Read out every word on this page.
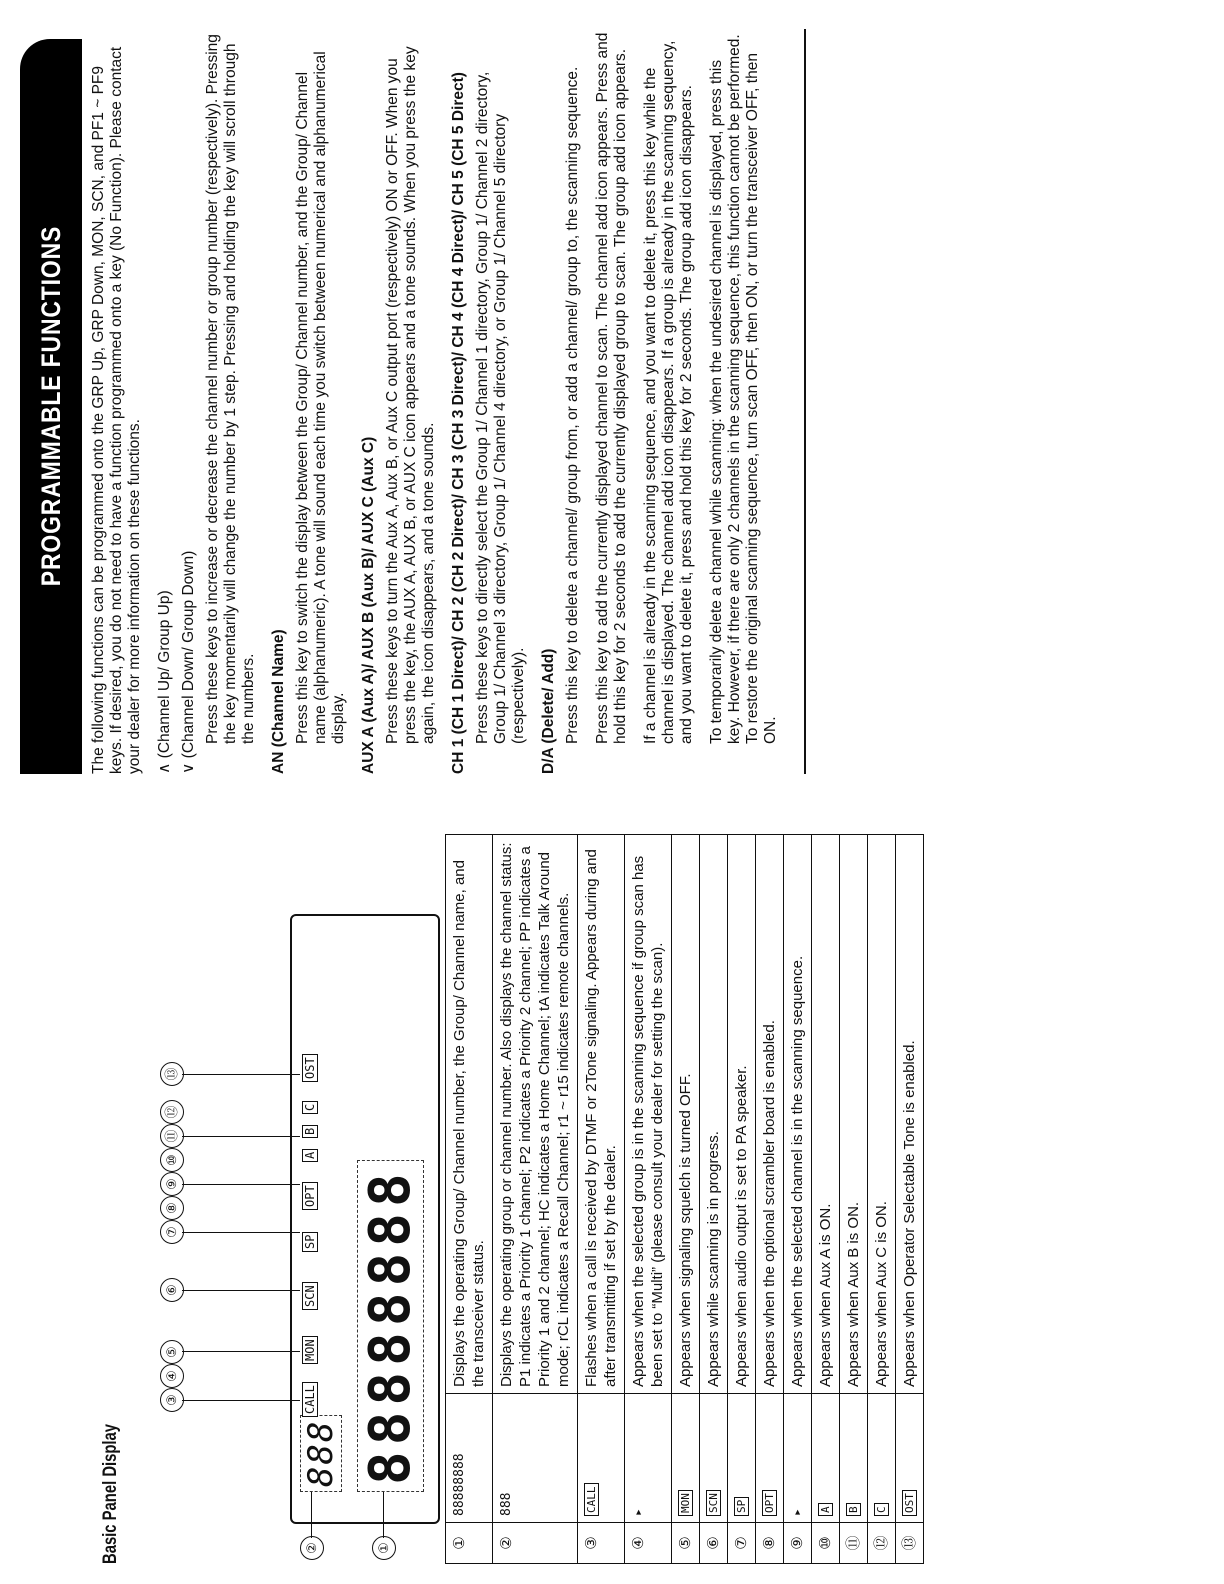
Basic Panel Display
③
④
⑤
⑥
⑦
⑧
⑨
⑩
⑪
⑫
⑬
②	①
888
CALL
MON
SCN
SP
OPT
A
B
C
OST
88888888
①	88888888	Displays the operating Group/ Channel number, the Group/ Channel name, and the transceiver status.
②	888	Displays the operating group or channel number. Also displays the channel status: P1 indicates a Priority 1 channel; P2 indicates a Priority 2 channel; PP indicates a Priority 1 and 2 channel; HC indicates a Home Channel; tA indicates Talk Around mode; rCL indicates a Recall Channel; r1 ~ r15 indicates remote channels.
③	CALL	Flashes when a call is received by DTMF or 2Tone signaling. Appears during and after transmitting if set by the dealer.
④	▸	Appears when the selected group is in the scanning sequence if group scan has been set to “Multi” (please consult your dealer for setting the scan).
⑤	MON	Appears when signaling squelch is turned OFF.
⑥	SCN	Appears while scanning is in progress.
⑦	SP	Appears when audio output is set to PA speaker.
⑧	OPT	Appears when the optional scrambler board is enabled.
⑨	▸	Appears when the selected channel is in the scanning sequence.
⑩	A	Appears when Aux A is ON.
⑪	B	Appears when Aux B is ON.
⑫	C	Appears when Aux C is ON.
⑬	OST	Appears when Operator Selectable Tone is enabled.
PROGRAMMABLE FUNCTIONS	The following functions can be programmed onto the GRP Up, GRP Down, MON, SCN, and PF1 ~ PF9 keys. If desired, you do not need to have a function programmed onto a key (No Function). Please contact your dealer for more information on these functions. ∧ (Channel Up/ Group Up) ∨ (Channel Down/ Group Down) Press these keys to increase or decrease the channel number or group number (respectively). Pressing the key momentarily will change the number by 1 step. Pressing and holding the key will scroll through the numbers. AN (Channel Name) Press this key to switch the display between the Group/ Channel number, and the Group/ Channel name (alphanumeric). A tone will sound each time you switch between numerical and alphanumerical display. AUX A (Aux A)/ AUX B (Aux B)/ AUX C (Aux C) Press these keys to turn the Aux A, Aux B, or Aux C output port (respectively) ON or OFF. When you press the key, the AUX A, AUX B, or AUX C icon appears and a tone sounds. When you press the key again, the icon disappears, and a tone sounds. CH 1 (CH 1 Direct)/ CH 2 (CH 2 Direct)/ CH 3 (CH 3 Direct)/ CH 4 (CH 4 Direct)/ CH 5 (CH 5 Direct) Press these keys to directly select the Group 1/ Channel 1 directory, Group 1/ Channel 2 directory, Group 1/ Channel 3 directory, Group 1/ Channel 4 directory, or Group 1/ Channel 5 directory (respectively). D/A (Delete/ Add) Press this key to delete a channel/ group from, or add a channel/ group to, the scanning sequence. Press this key to add the currently displayed channel to scan. The channel add icon appears. Press and hold this key for 2 seconds to add the currently displayed group to scan. The group add icon appears. If a channel is already in the scanning sequence, and you want to delete it, press this key while the channel is displayed. The channel add icon disappears. If a group is already in the scanning sequency, and you want to delete it, press and hold this key for 2 seconds. The group add icon disappears. To temporarily delete a channel while scanning: when the undesired channel is displayed, press this key. However, if there are only 2 channels in the scanning sequence, this function cannot be performed. To restore the original scanning sequence, turn scan OFF, then ON, or turn the transceiver OFF, then ON.
